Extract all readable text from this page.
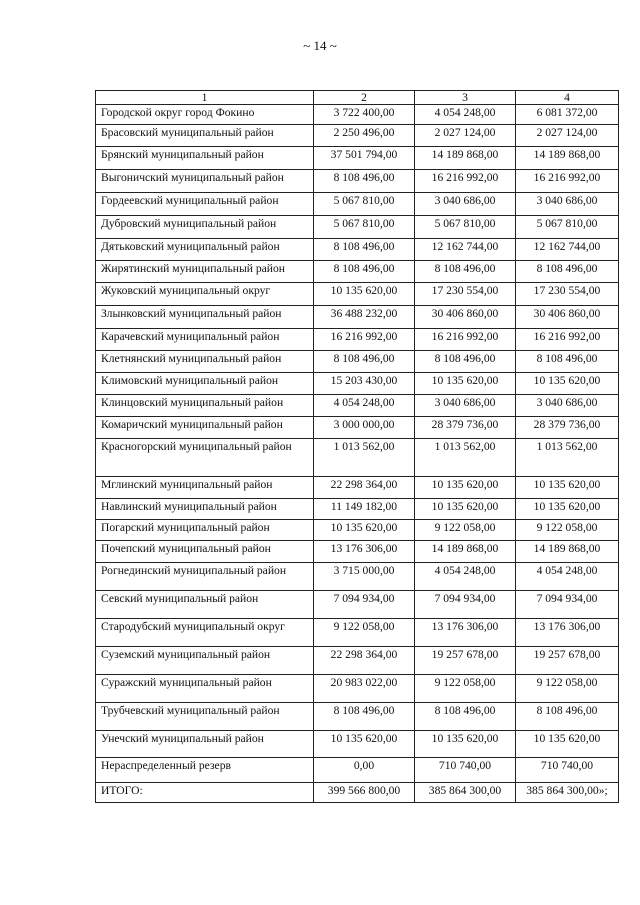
~ 14 ~
1	2	3	4
Городской округ город Фокино	3 722 400,00	4 054 248,00	6 081 372,00
Брасовский муниципальный район	2 250 496,00	2 027 124,00	2 027 124,00
Брянский муниципальный район	37 501 794,00	14 189 868,00	14 189 868,00
Выгоничский муниципальный район	8 108 496,00	16 216 992,00	16 216 992,00
Гордеевский муниципальный район	5 067 810,00	3 040 686,00	3 040 686,00
Дубровский муниципальный район	5 067 810,00	5 067 810,00	5 067 810,00
Дятьковский муниципальный район	8 108 496,00	12 162 744,00	12 162 744,00
Жирятинский муниципальный район	8 108 496,00	8 108 496,00	8 108 496,00
Жуковский муниципальный округ	10 135 620,00	17 230 554,00	17 230 554,00
Злынковский муниципальный район	36 488 232,00	30 406 860,00	30 406 860,00
Карачевский муниципальный район	16 216 992,00	16 216 992,00	16 216 992,00
Клетнянский муниципальный район	8 108 496,00	8 108 496,00	8 108 496,00
Климовский муниципальный район	15 203 430,00	10 135 620,00	10 135 620,00
Клинцовский муниципальный район	4 054 248,00	3 040 686,00	3 040 686,00
Комаричский муниципальный район	3 000 000,00	28 379 736,00	28 379 736,00
Красногорский муниципальный район	1 013 562,00	1 013 562,00	1 013 562,00
Мглинский муниципальный район	22 298 364,00	10 135 620,00	10 135 620,00
Навлинский муниципальный район	11 149 182,00	10 135 620,00	10 135 620,00
Погарский муниципальный район	10 135 620,00	9 122 058,00	9 122 058,00
Почепский муниципальный район	13 176 306,00	14 189 868,00	14 189 868,00
Рогнединский муниципальный район	3 715 000,00	4 054 248,00	4 054 248,00
Севский муниципальный район	7 094 934,00	7 094 934,00	7 094 934,00
Стародубский муниципальный округ	9 122 058,00	13 176 306,00	13 176 306,00
Суземский муниципальный район	22 298 364,00	19 257 678,00	19 257 678,00
Суражский муниципальный район	20 983 022,00	9 122 058,00	9 122 058,00
Трубчевский муниципальный район	8 108 496,00	8 108 496,00	8 108 496,00
Унечский муниципальный район	10 135 620,00	10 135 620,00	10 135 620,00
Нераспределенный резерв	0,00	710 740,00	710 740,00
ИТОГО:	399 566 800,00	385 864 300,00	385 864 300,00»;
